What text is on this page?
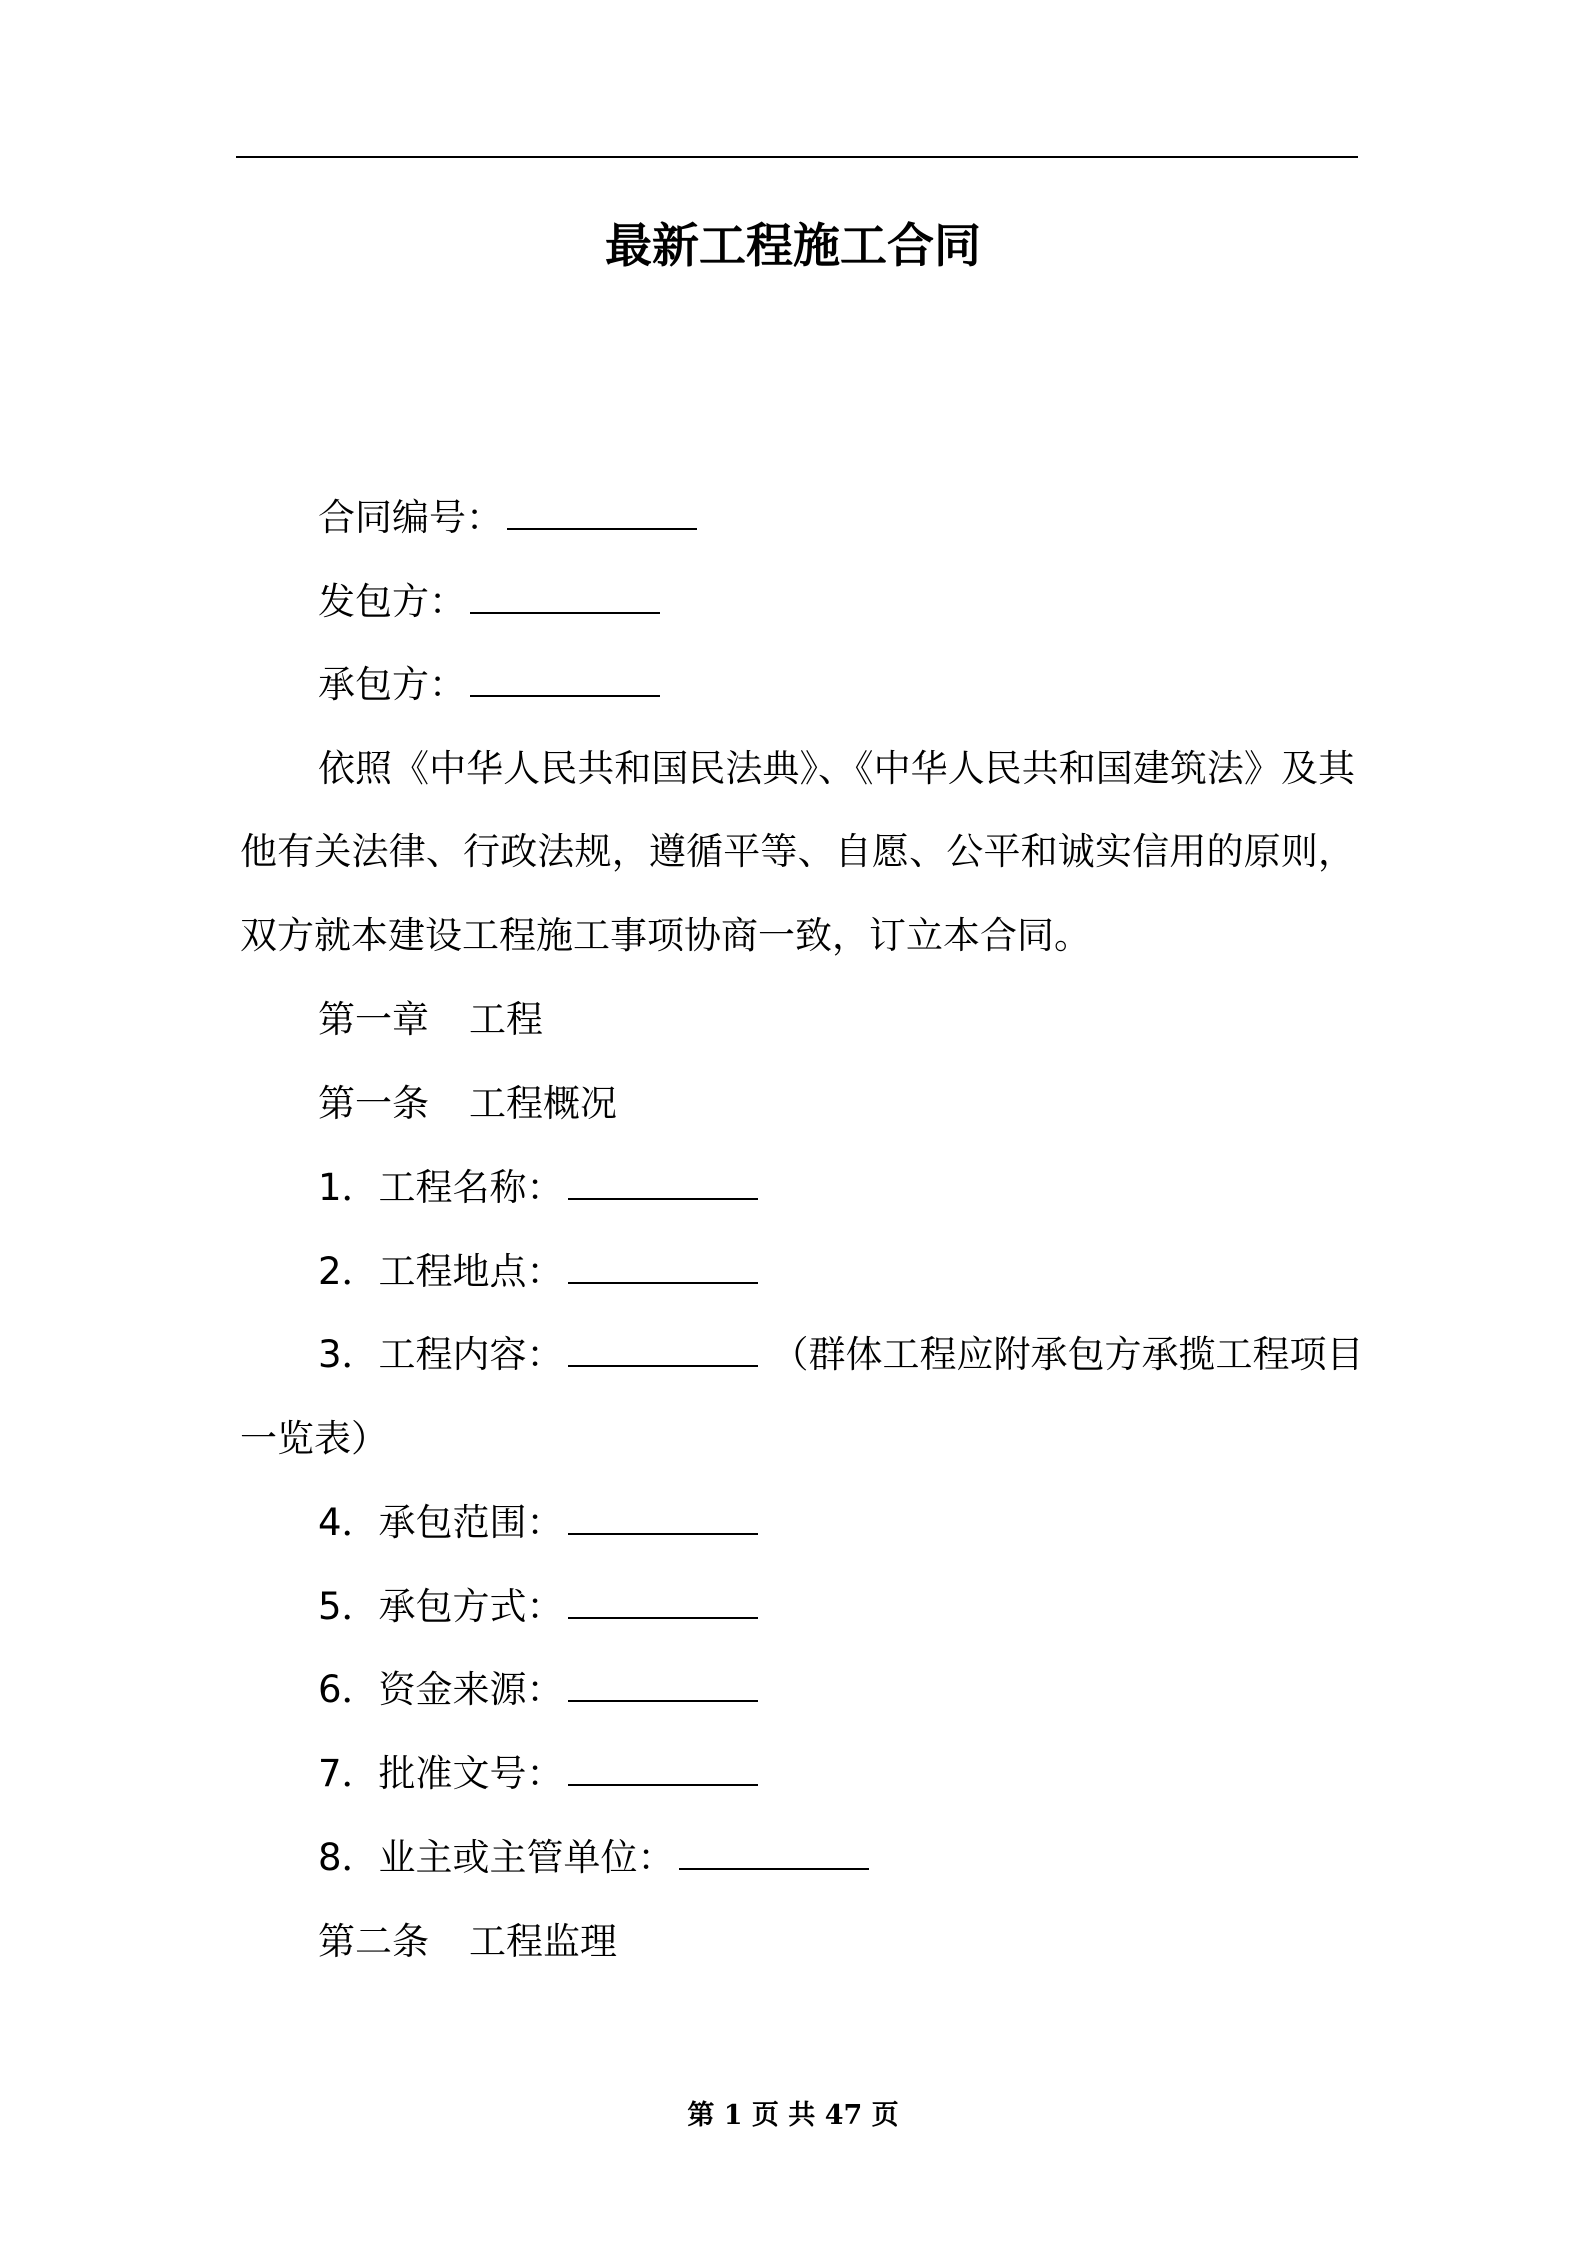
最新工程施工合同
合同编号：
发包方：
承包方：
依照《中华人民共和国民法典》、《中华人民共和国建筑法》及其
他有关法律、行政法规，遵循平等、自愿、公平和诚实信用的原则，
双方就本建设工程施工事项协商一致，订立本合同。
第一章 工程
第一条 工程概况
1．工程名称：
2．工程地点：
3．工程内容：	（群体工程应附承包方承揽工程项目
一览表）
4．承包范围：
5．承包方式：
6．资金来源：
7．批准文号：
8．业主或主管单位：
第二条 工程监理
第 1 页 共 47 页
